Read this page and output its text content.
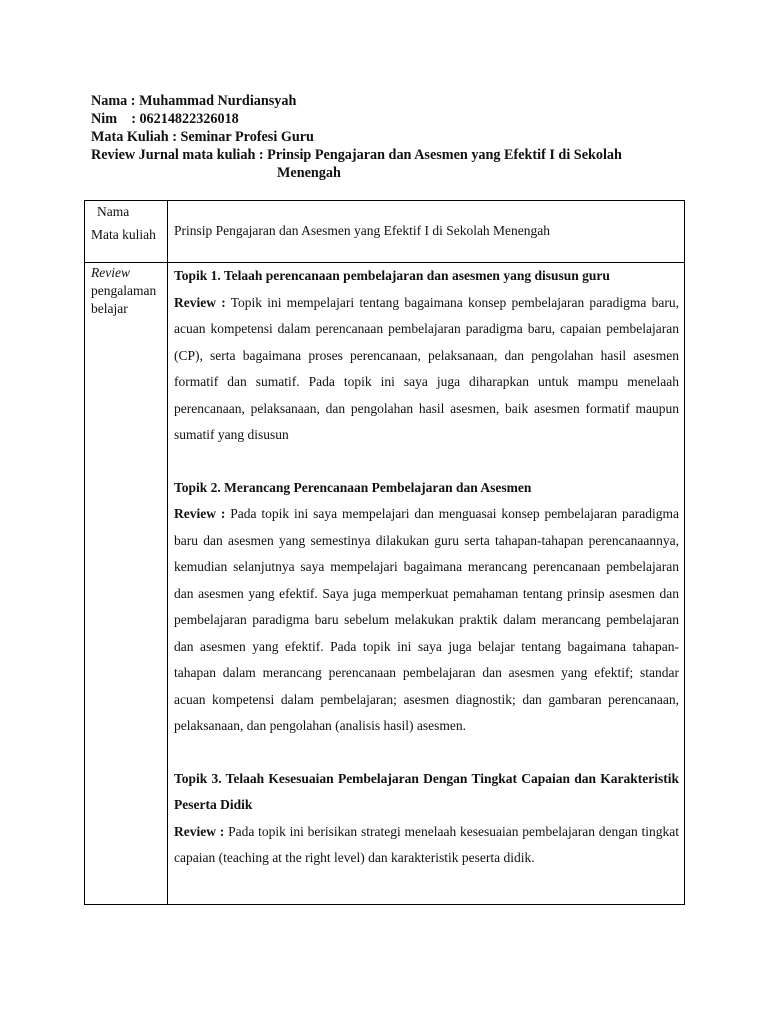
Nama : Muhammad Nurdiansyah
Nim    : 06214822326018
Mata Kuliah : Seminar Profesi Guru
Review Jurnal mata kuliah : Prinsip Pengajaran dan Asesmen yang Efektif I di Sekolah
Menengah
Nama
Mata kuliah	Prinsip Pengajaran dan Asesmen yang Efektif I di Sekolah Menengah
Review pengalaman belajar

Topik 1. Telaah perencanaan pembelajaran dan asesmen yang disusun guru

Review : Topik ini mempelajari tentang bagaimana konsep pembelajaran paradigma baru, acuan kompetensi dalam perencanaan pembelajaran paradigma baru, capaian pembelajaran (CP), serta bagaimana proses perencanaan, pelaksanaan, dan pengolahan hasil asesmen formatif dan sumatif. Pada topik ini saya juga diharapkan untuk mampu menelaah perencanaan, pelaksanaan, dan pengolahan hasil asesmen, baik asesmen formatif maupun sumatif yang disusun

Topik 2. Merancang Perencanaan Pembelajaran dan Asesmen

Review : Pada topik ini saya mempelajari dan menguasai konsep pembelajaran paradigma baru dan asesmen yang semestinya dilakukan guru serta tahapan-tahapan perencanaannya, kemudian selanjutnya saya mempelajari bagaimana merancang perencanaan pembelajaran dan asesmen yang efektif. Saya juga memperkuat pemahaman tentang prinsip asesmen dan pembelajaran paradigma baru sebelum melakukan praktik dalam merancang pembelajaran dan asesmen yang efektif. Pada topik ini saya juga belajar tentang bagaimana tahapan-tahapan dalam merancang perencanaan pembelajaran dan asesmen yang efektif; standar acuan kompetensi dalam pembelajaran; asesmen diagnostik; dan gambaran perencanaan, pelaksanaan, dan pengolahan (analisis hasil) asesmen.

Topik 3. Telaah Kesesuaian Pembelajaran Dengan Tingkat Capaian dan Karakteristik Peserta Didik

Review : Pada topik ini berisikan strategi menelaah kesesuaian pembelajaran dengan tingkat capaian (teaching at the right level) dan karakteristik peserta didik.
